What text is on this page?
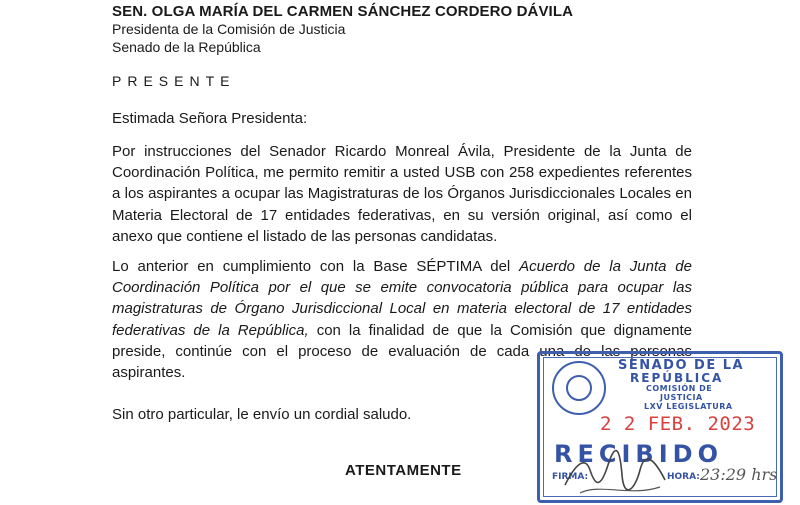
SEN. OLGA MARÍA DEL CARMEN SÁNCHEZ CORDERO DÁVILA
Presidenta de la Comisión de Justicia
Senado de la República
PRESENTE
Estimada Señora Presidenta:
Por instrucciones del Senador Ricardo Monreal Ávila, Presidente de la Junta de Coordinación Política, me permito remitir a usted USB con 258 expedientes referentes a los aspirantes a ocupar las Magistraturas de los Órganos Jurisdiccionales Locales en Materia Electoral de 17 entidades federativas, en su versión original, así como el anexo que contiene el listado de las personas candidatas.
Lo anterior en cumplimiento con la Base SÉPTIMA del Acuerdo de la Junta de Coordinación Política por el que se emite convocatoria pública para ocupar las magistraturas de Órgano Jurisdiccional Local en materia electoral de 17 entidades federativas de la República, con la finalidad de que la Comisión que dignamente preside, continúe con el proceso de evaluación de cada una de las personas aspirantes.
Sin otro particular, le envío un cordial saludo.
ATENTAMENTE
SENADO DE LA
REPÚBLICA
COMISIÓN DE
JUSTICIA
LXV LEGISLATURA
2 2 FEB. 2023
RECIBIDO
FIRMA:	HORA: 23:29 hrs
